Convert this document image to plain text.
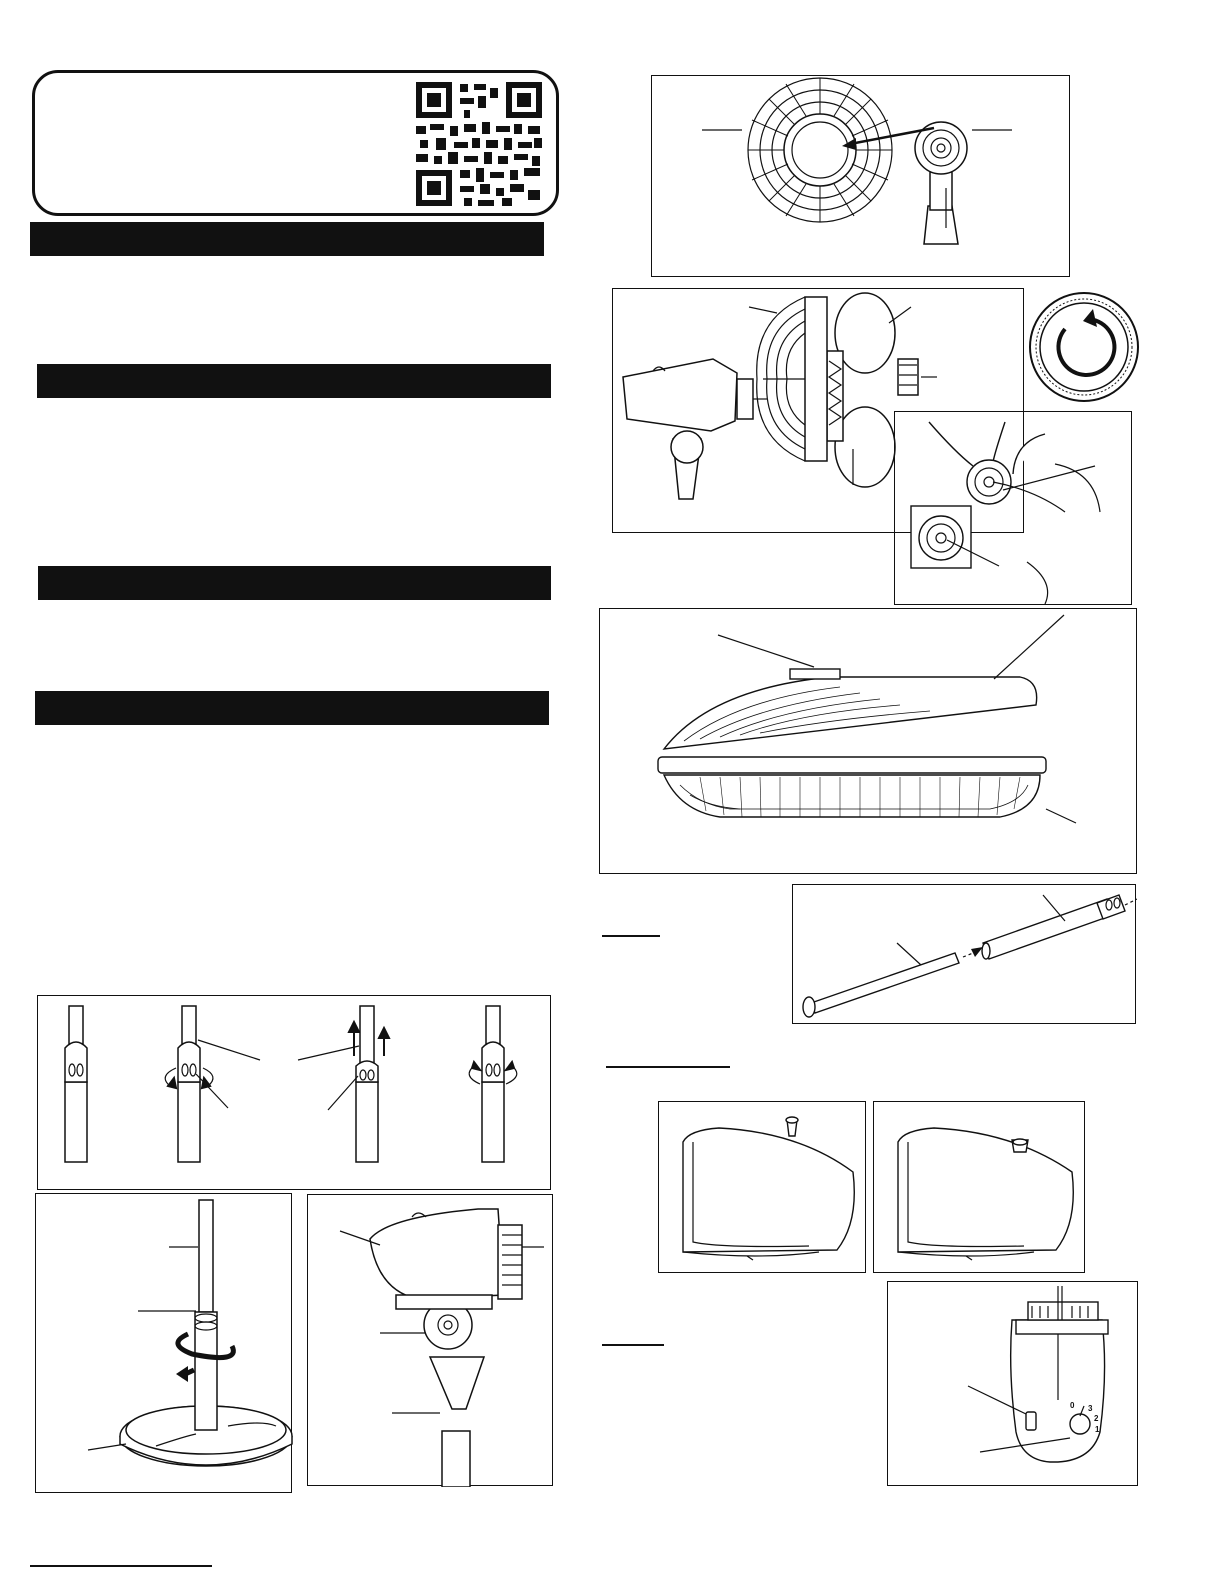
0 3
2
1
